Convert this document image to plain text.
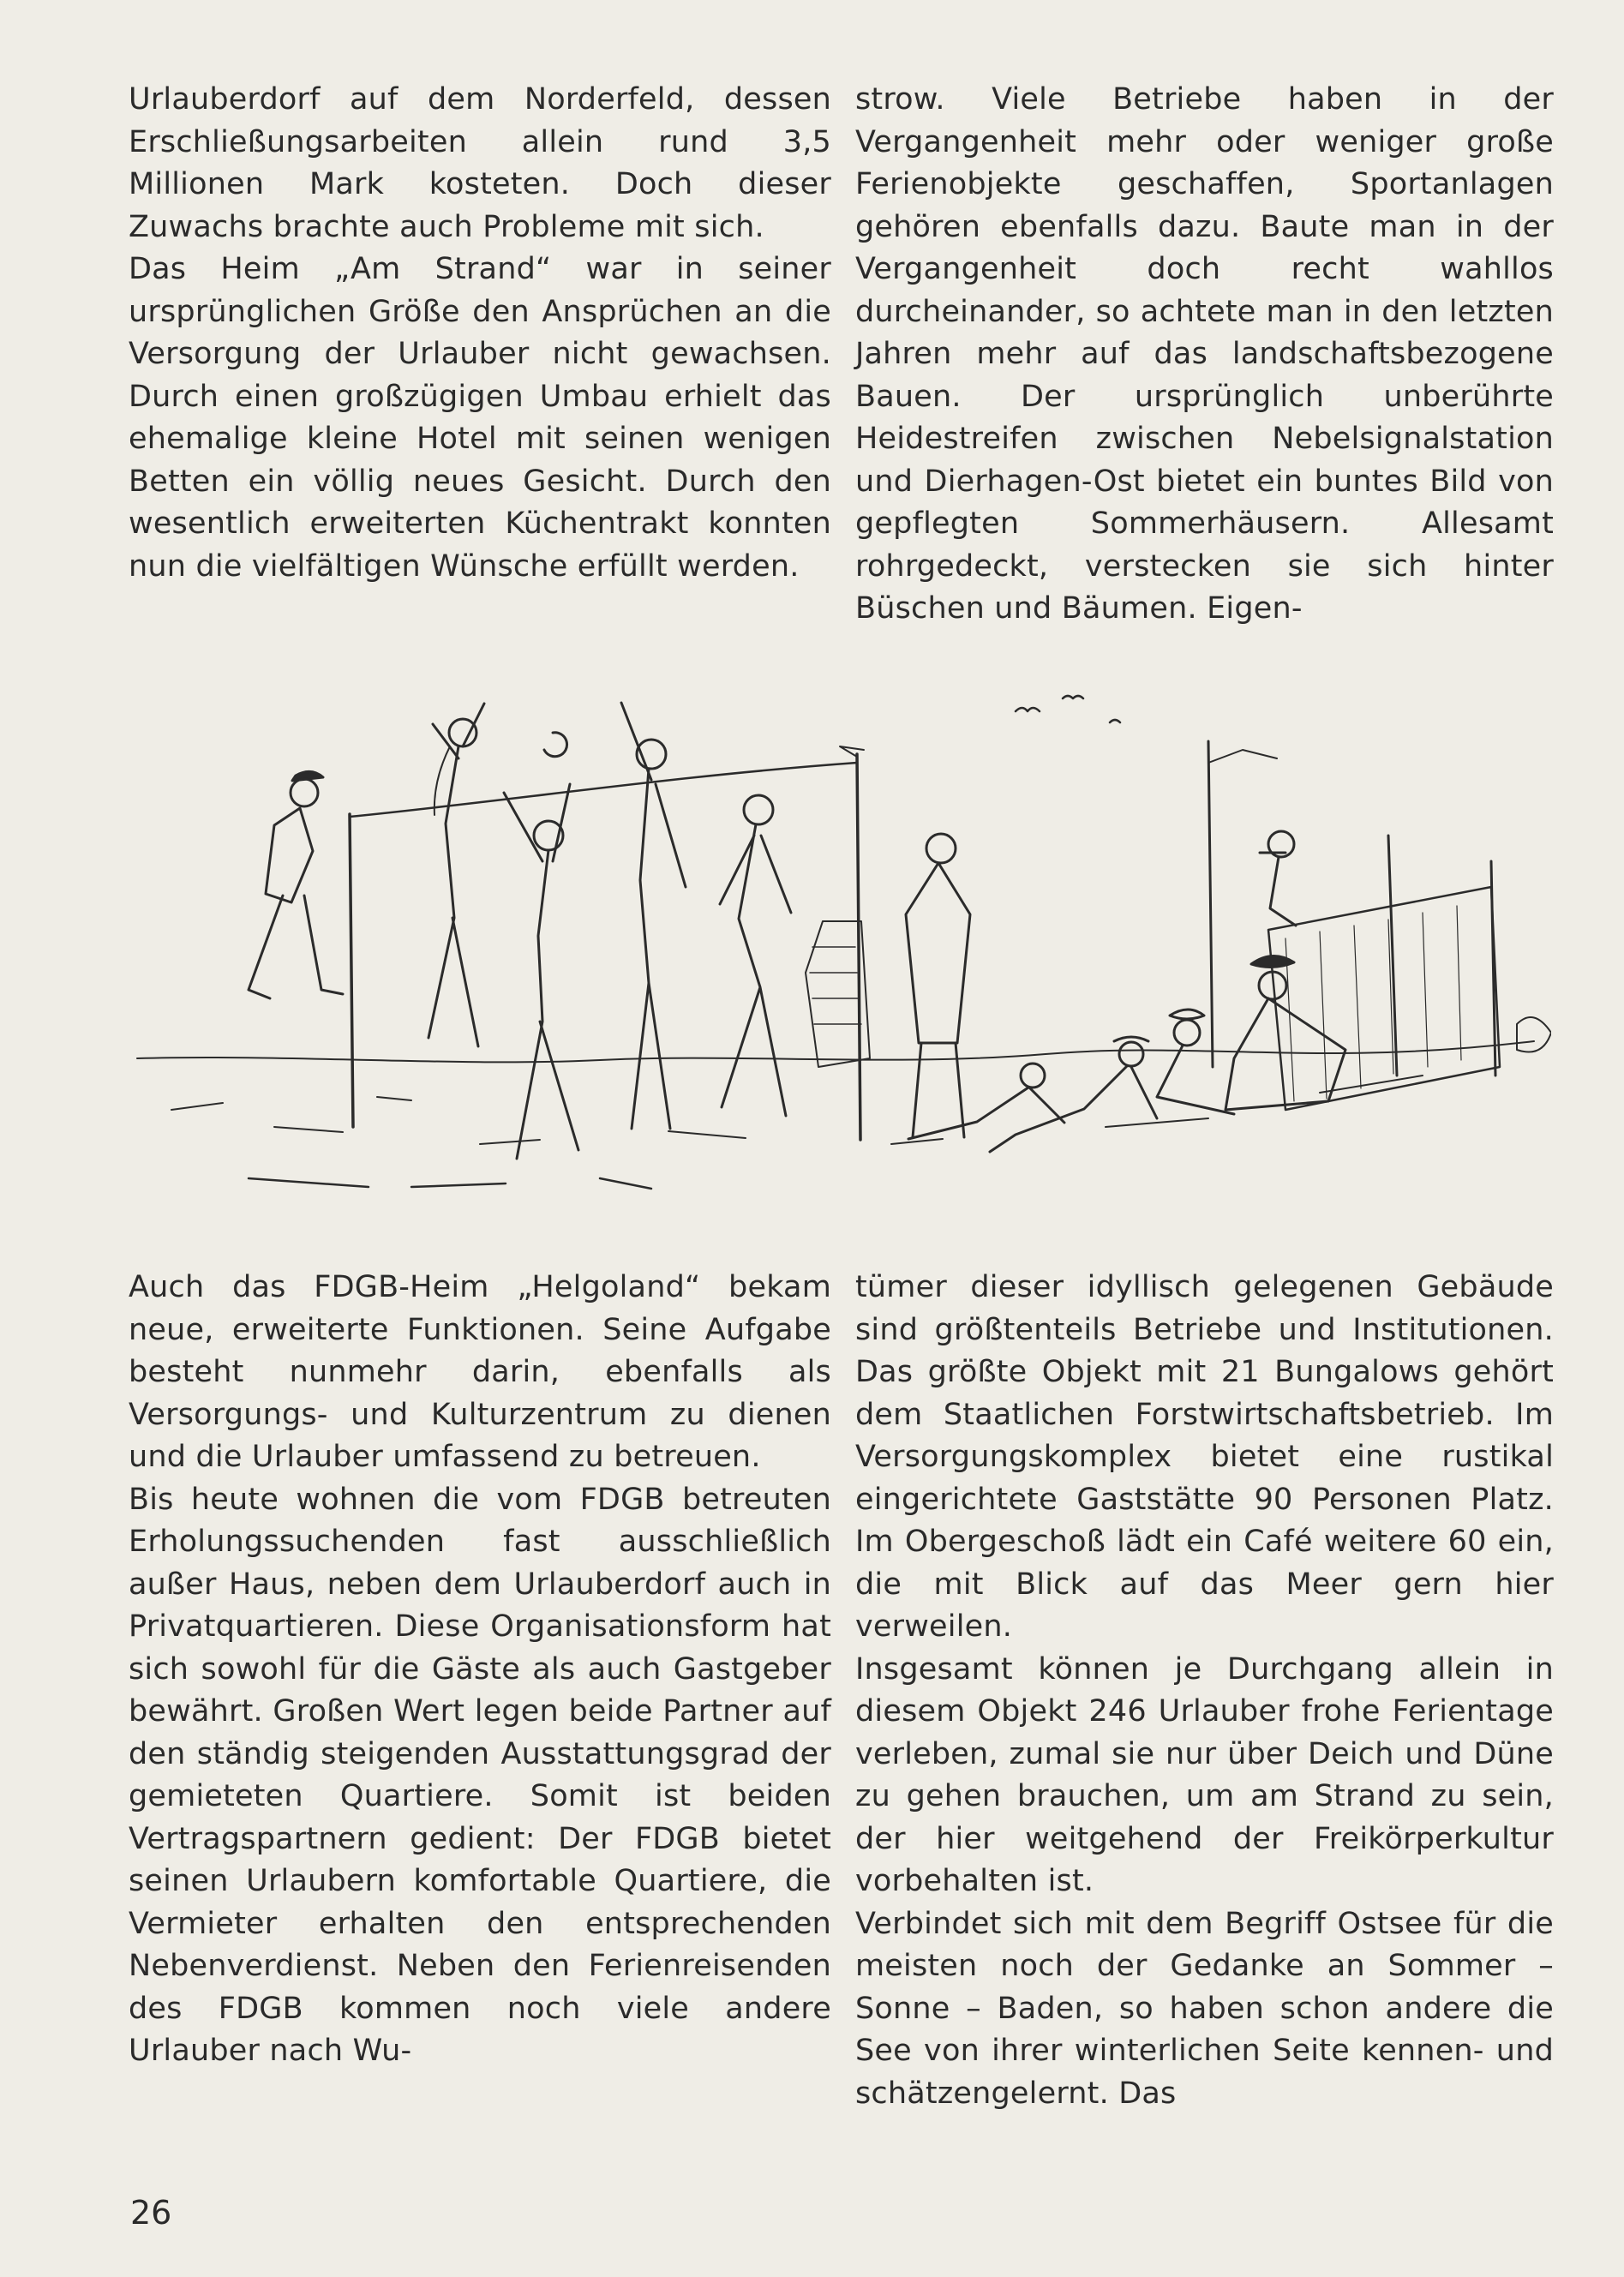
Urlauberdorf auf dem Norderfeld, dessen Erschließungsarbeiten allein rund 3,5 Millionen Mark kosteten. Doch dieser Zuwachs brachte auch Probleme mit sich.

Das Heim „Am Strand“ war in seiner ursprünglichen Größe den Ansprüchen an die Versorgung der Urlauber nicht gewachsen. Durch einen großzügigen Umbau erhielt das ehemalige kleine Hotel mit seinen wenigen Betten ein völlig neues Gesicht. Durch den wesentlich erweiterten Küchentrakt konnten nun die vielfältigen Wünsche erfüllt werden.

strow. Viele Betriebe haben in der Vergangenheit mehr oder weniger große Ferienobjekte geschaffen, Sportanlagen gehören ebenfalls dazu. Baute man in der Vergangenheit doch recht wahllos durcheinander, so achtete man in den letzten Jahren mehr auf das landschaftsbezogene Bauen. Der ursprünglich unberührte Heidestreifen zwischen Nebelsignalstation und Dierhagen-Ost bietet ein buntes Bild von gepflegten Sommerhäusern. Allesamt rohrgedeckt, verstecken sie sich hinter Büschen und Bäumen. Eigen-

Auch das FDGB-Heim „Helgoland“ bekam neue, erweiterte Funktionen. Seine Aufgabe besteht nunmehr darin, ebenfalls als Versorgungs- und Kulturzentrum zu dienen und die Urlauber umfassend zu betreuen.

Bis heute wohnen die vom FDGB betreuten Erholungssuchenden fast ausschließlich außer Haus, neben dem Urlauberdorf auch in Privatquartieren. Diese Organisationsform hat sich sowohl für die Gäste als auch Gastgeber bewährt. Großen Wert legen beide Partner auf den ständig steigenden Ausstattungsgrad der gemieteten Quartiere. Somit ist beiden Vertragspartnern gedient: Der FDGB bietet seinen Urlaubern komfortable Quartiere, die Vermieter erhalten den entsprechenden Nebenverdienst. Neben den Ferienreisenden des FDGB kommen noch viele andere Urlauber nach Wu-

tümer dieser idyllisch gelegenen Gebäude sind größtenteils Betriebe und Institutionen. Das größte Objekt mit 21 Bungalows gehört dem Staatlichen Forstwirtschaftsbetrieb. Im Versorgungskomplex bietet eine rustikal eingerichtete Gaststätte 90 Personen Platz. Im Obergeschoß lädt ein Café weitere 60 ein, die mit Blick auf das Meer gern hier verweilen.

Insgesamt können je Durchgang allein in diesem Objekt 246 Urlauber frohe Ferientage verleben, zumal sie nur über Deich und Düne zu gehen brauchen, um am Strand zu sein, der hier weitgehend der Freikörperkultur vorbehalten ist.

Verbindet sich mit dem Begriff Ostsee für die meisten noch der Gedanke an Sommer – Sonne – Baden, so haben schon andere die See von ihrer winterlichen Seite kennen- und schätzengelernt. Das

26
